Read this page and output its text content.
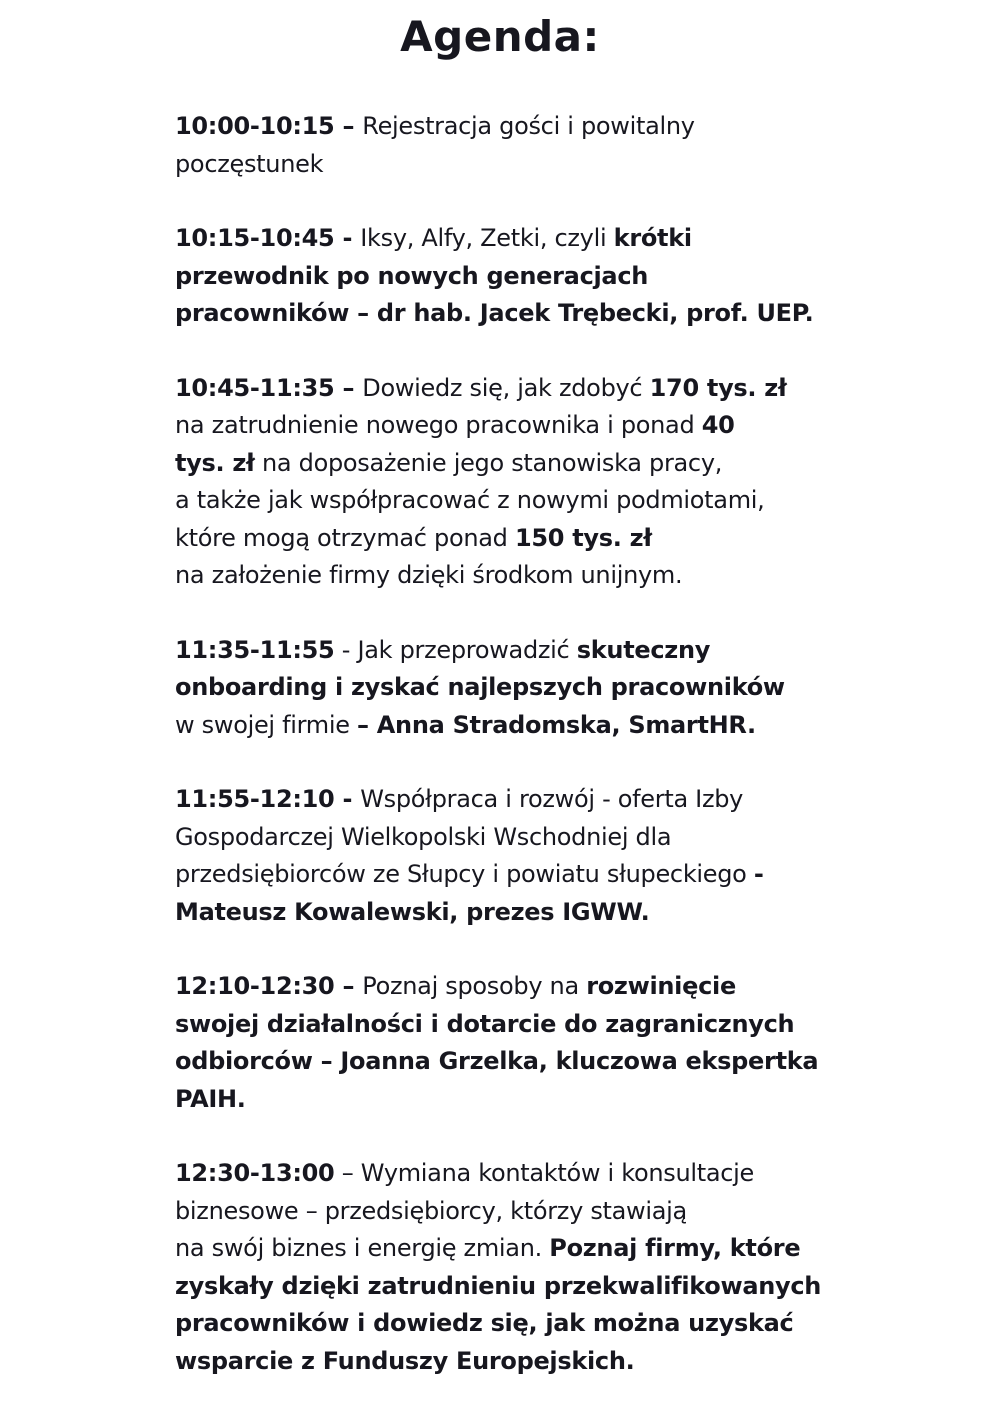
Agenda:
10:00-10:15 – Rejestracja gości i powitalny
poczęstunek
10:15-10:45 - Iksy, Alfy, Zetki, czyli krótki
przewodnik po nowych generacjach
pracowników – dr hab. Jacek Trębecki, prof. UEP.
10:45-11:35 – Dowiedz się, jak zdobyć 170 tys. zł
na zatrudnienie nowego pracownika i ponad 40
tys. zł na doposażenie jego stanowiska pracy,
a także jak współpracować z nowymi podmiotami,
które mogą otrzymać ponad 150 tys. zł
na założenie firmy dzięki środkom unijnym.
11:35-11:55 - Jak przeprowadzić skuteczny
onboarding i zyskać najlepszych pracowników
w swojej firmie – Anna Stradomska, SmartHR.
11:55-12:10 - Współpraca i rozwój - oferta Izby
Gospodarczej Wielkopolski Wschodniej dla
przedsiębiorców ze Słupcy i powiatu słupeckiego -
Mateusz Kowalewski, prezes IGWW.
12:10-12:30 – Poznaj sposoby na rozwinięcie
swojej działalności i dotarcie do zagranicznych
odbiorców – Joanna Grzelka, kluczowa ekspertka
PAIH.
12:30-13:00 – Wymiana kontaktów i konsultacje
biznesowe – przedsiębiorcy, którzy stawiają
na swój biznes i energię zmian. Poznaj firmy, które
zyskały dzięki zatrudnieniu przekwalifikowanych
pracowników i dowiedz się, jak można uzyskać
wsparcie z Funduszy Europejskich.
